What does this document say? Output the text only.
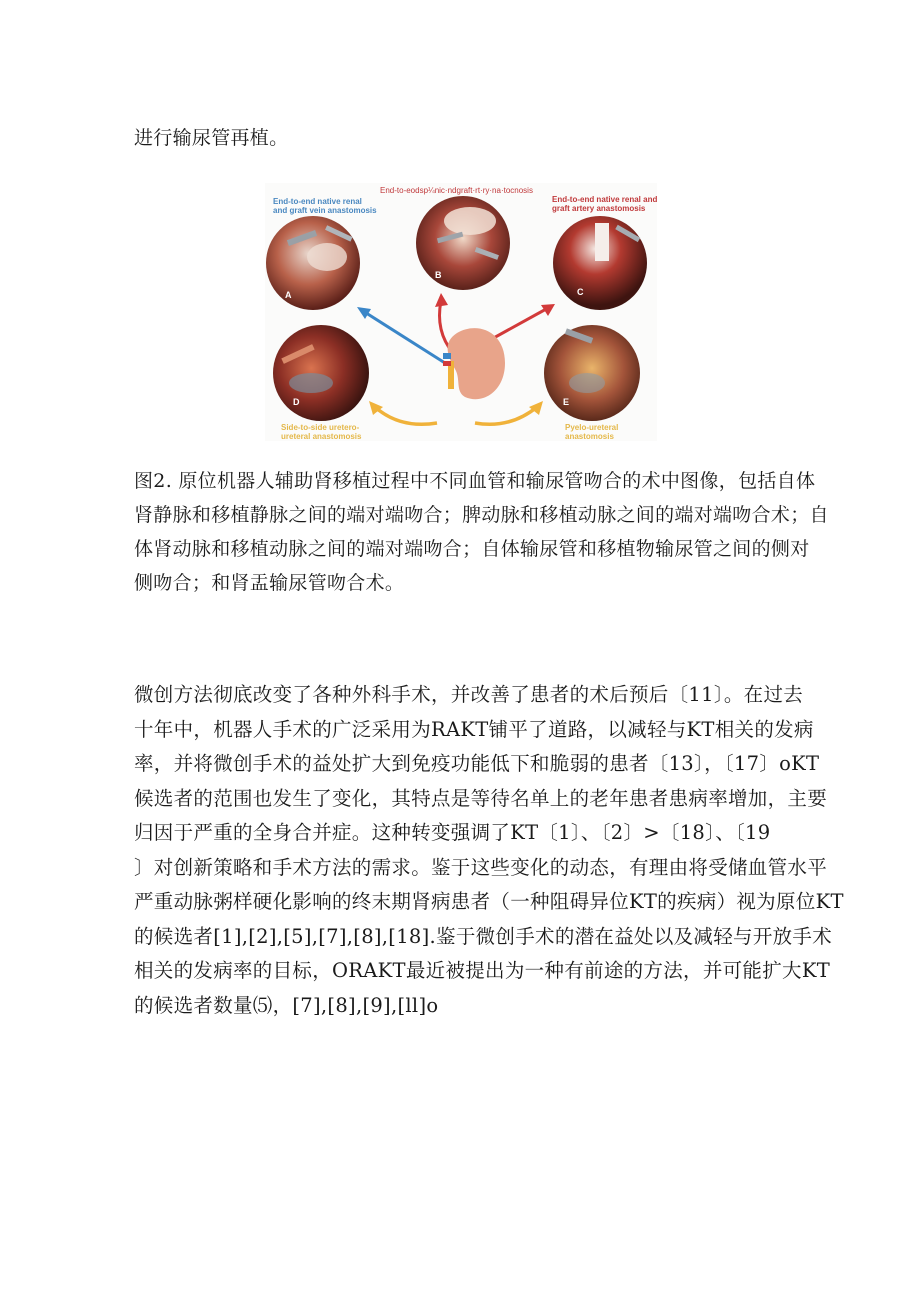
进行输尿管再植。

A
B
C
D	E
End-to-end native renal
and graft vein anastomosis
End-to-eodsp¼nic·ndgraft·rt·ry·na·tocnosis
End-to-end native renal and
graft artery anastomosis
Side-to-side uretero-
ureteral anastomosis
Pyelo-ureteral
anastomosis
图2. 原位机器人辅助肾移植过程中不同血管和输尿管吻合的术中图像，包括自体
肾静脉和移植静脉之间的端对端吻合；脾动脉和移植动脉之间的端对端吻合术；自
体肾动脉和移植动脉之间的端对端吻合；自体输尿管和移植物输尿管之间的侧对
侧吻合；和肾盂输尿管吻合术。
微创方法彻底改变了各种外科手术，并改善了患者的术后预后〔11〕。在过去
十年中，机器人手术的广泛采用为RAKT铺平了道路，以减轻与KT相关的发病
率，并将微创手术的益处扩大到免疫功能低下和脆弱的患者〔13〕，〔17〕oKT
候选者的范围也发生了变化，其特点是等待名单上的老年患者患病率增加，主要
归因于严重的全身合并症。这种转变强调了KT〔1〕、〔2〕>〔18〕、〔19
〕对创新策略和手术方法的需求。鉴于这些变化的动态，有理由将受储血管水平
严重动脉粥样硬化影响的终末期肾病患者（一种阻碍异位KT的疾病）视为原位KT
的候选者[1],[2],[5],[7],[8],[18].鉴于微创手术的潜在益处以及减轻与开放手术
相关的发病率的目标，ORAKT最近被提出为一种有前途的方法，并可能扩大KT
的候选者数量⑸，[7],[8],[9],[ll]o
